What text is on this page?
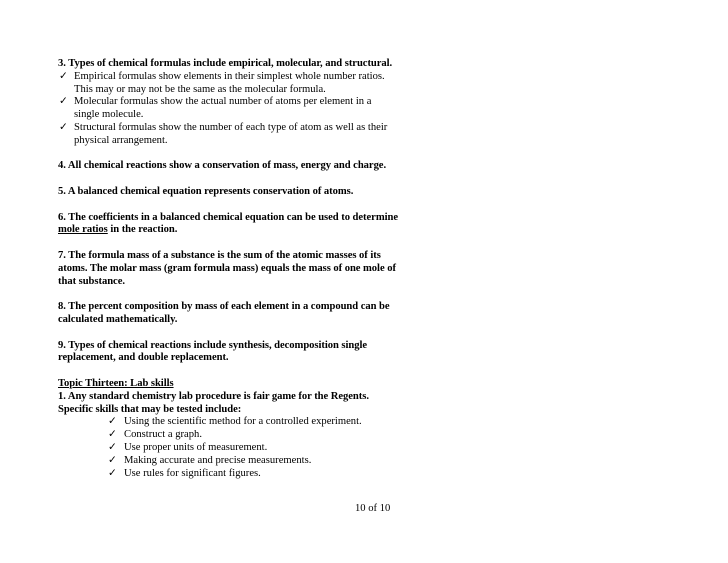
3. Types of chemical formulas include empirical, molecular, and structural.
✓ Empirical formulas show elements in their simplest whole number ratios. This may or may not be the same as the molecular formula.
✓ Molecular formulas show the actual number of atoms per element in a single molecule.
✓ Structural formulas show the number of each type of atom as well as their physical arrangement.
4. All chemical reactions show a conservation of mass, energy and charge.
5. A balanced chemical equation represents conservation of atoms.
6. The coefficients in a balanced chemical equation can be used to determine mole ratios in the reaction.
7. The formula mass of a substance is the sum of the atomic masses of its atoms. The molar mass (gram formula mass) equals the mass of one mole of that substance.
8. The percent composition by mass of each element in a compound can be calculated mathematically.
9. Types of chemical reactions include synthesis, decomposition single replacement, and double replacement.
Topic Thirteen: Lab skills
1. Any standard chemistry lab procedure is fair game for the Regents. Specific skills that may be tested include:
✓ Using the scientific method for a controlled experiment.
✓ Construct a graph.
✓ Use proper units of measurement.
✓ Making accurate and precise measurements.
✓ Use rules for significant figures.
10 of 10
